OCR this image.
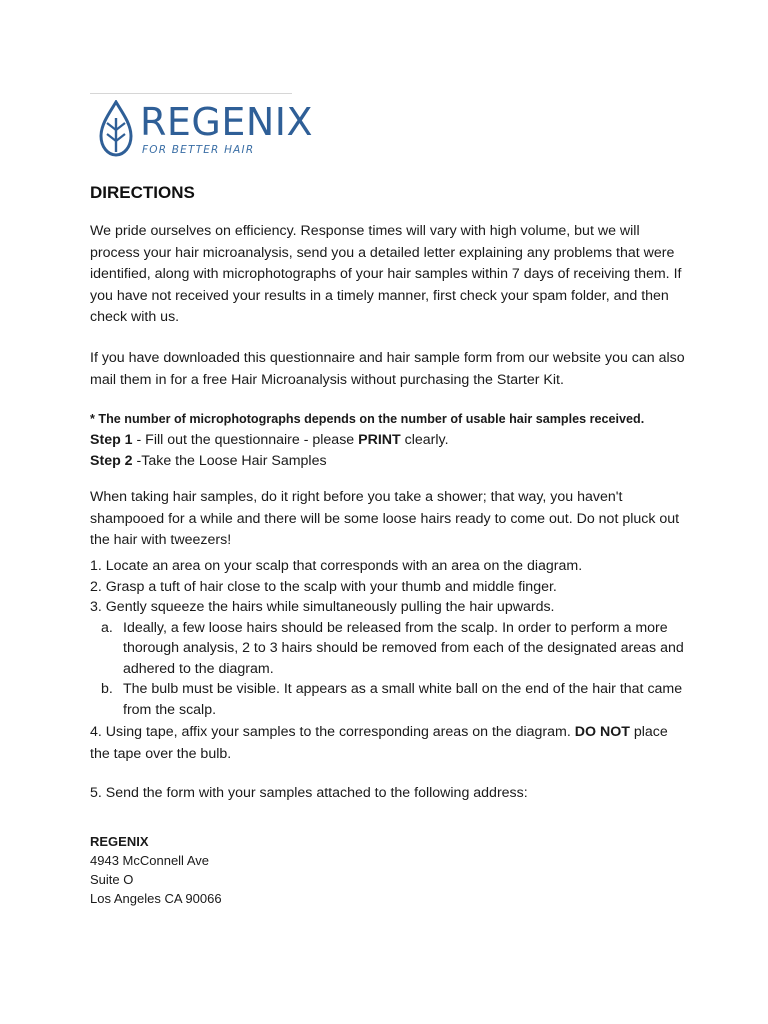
REGENIX
FOR BETTER HAIR
DIRECTIONS

We pride ourselves on efficiency. Response times will vary with high volume, but we will process your hair microanalysis, send you a detailed letter explaining any problems that were identified, along with microphotographs of your hair samples within 7 days of receiving them. If you have not received your results in a timely manner, first check your spam folder, and then check with us.

If you have downloaded this questionnaire and hair sample form from our website you can also mail them in for a free Hair Microanalysis without purchasing the Starter Kit.

* The number of microphotographs depends on the number of usable hair samples received.
Step 1 - Fill out the questionnaire - please PRINT clearly.
Step 2 -Take the Loose Hair Samples

When taking hair samples, do it right before you take a shower; that way, you haven't shampooed for a while and there will be some loose hairs ready to come out. Do not pluck out the hair with tweezers!

1. Locate an area on your scalp that corresponds with an area on the diagram.
2. Grasp a tuft of hair close to the scalp with your thumb and middle finger.
3. Gently squeeze the hairs while simultaneously pulling the hair upwards.
a. Ideally, a few loose hairs should be released from the scalp. In order to perform a more thorough analysis, 2 to 3 hairs should be removed from each of the designated areas and adhered to the diagram.
b. The bulb must be visible. It appears as a small white ball on the end of the hair that came from the scalp.

4. Using tape, affix your samples to the corresponding areas on the diagram. DO NOT place the tape over the bulb.

5. Send the form with your samples attached to the following address:

REGENIX
4943 McConnell Ave
Suite O
Los Angeles CA 90066
